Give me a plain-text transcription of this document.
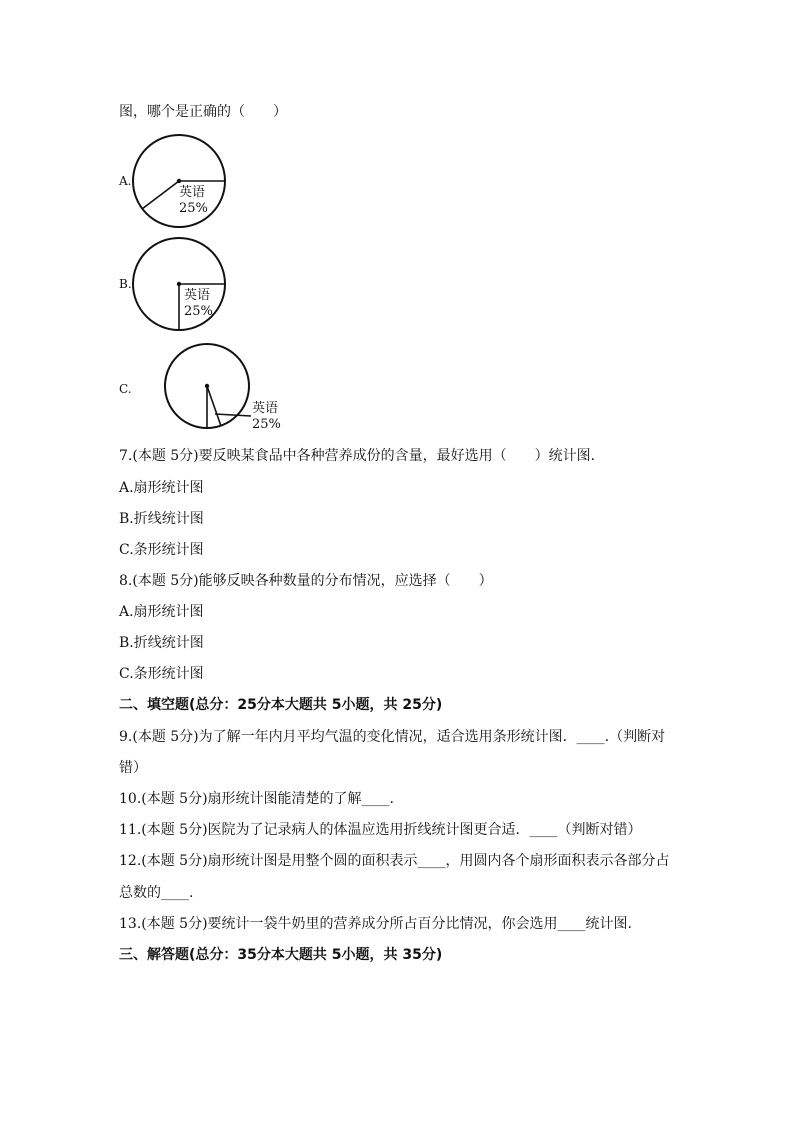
图，哪个是正确的（　　）
A.
英语
25%
B.
英语
25%
C.
英语
25%
7.(本题 5分)要反映某食品中各种营养成份的含量，最好选用（　　）统计图.
A.扇形统计图
B.折线统计图
C.条形统计图
8.(本题 5分)能够反映各种数量的分布情况，应选择（　　）
A.扇形统计图
B.折线统计图
C.条形统计图
二、填空题(总分：25分本大题共 5小题，共 25分)
9.(本题 5分)为了解一年内月平均气温的变化情况，适合选用条形统计图．____.（判断对
错）
10.(本题 5分)扇形统计图能清楚的了解____.
11.(本题 5分)医院为了记录病人的体温应选用折线统计图更合适．____（判断对错）
12.(本题 5分)扇形统计图是用整个圆的面积表示____，用圆内各个扇形面积表示各部分占
总数的____.
13.(本题 5分)要统计一袋牛奶里的营养成分所占百分比情况，你会选用____统计图.
三、解答题(总分：35分本大题共 5小题，共 35分)
